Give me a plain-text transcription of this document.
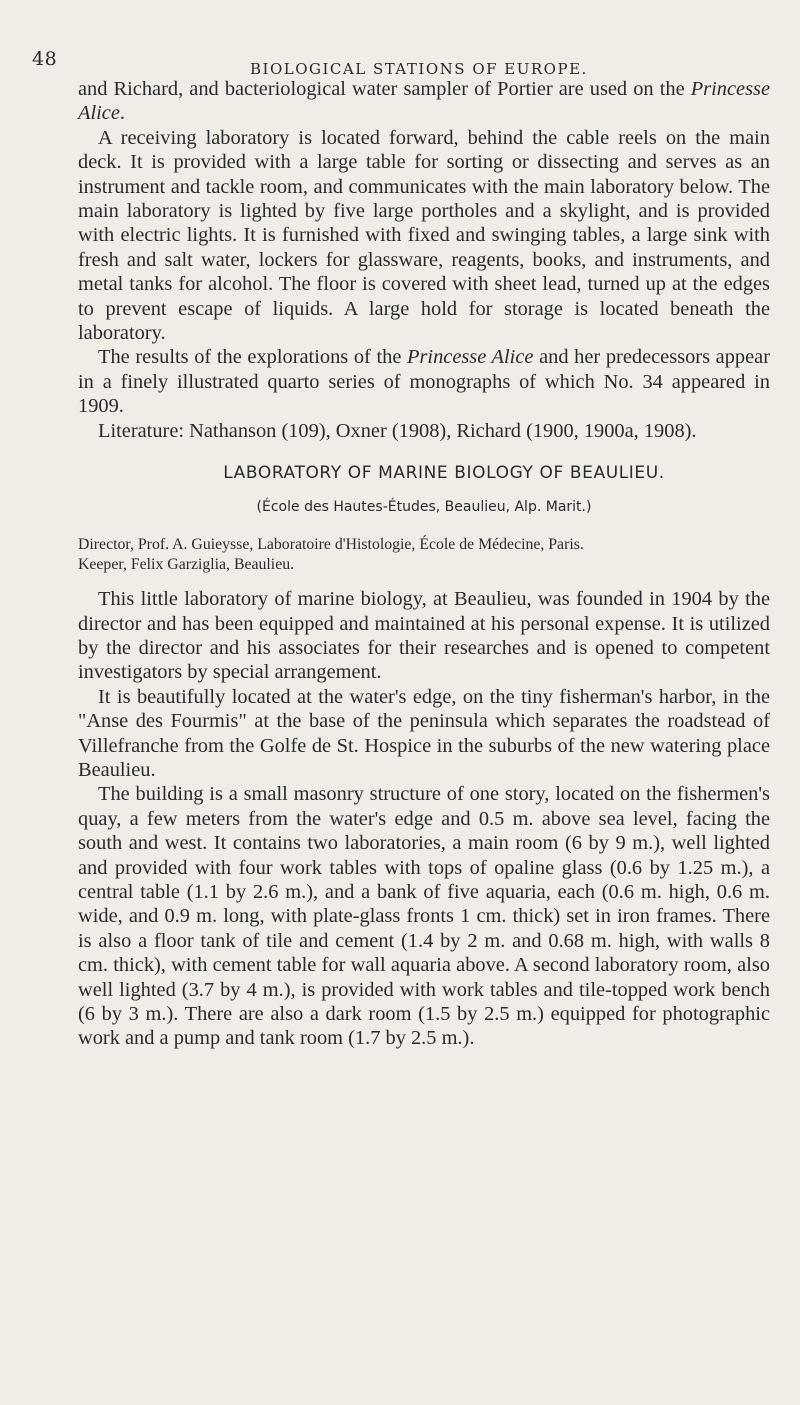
48	BIOLOGICAL STATIONS OF EUROPE.

and Richard, and bacteriological water sampler of Portier are used on the Princesse Alice.

A receiving laboratory is located forward, behind the cable reels on the main deck. It is provided with a large table for sorting or dissecting and serves as an instrument and tackle room, and communicates with the main laboratory below. The main laboratory is lighted by five large portholes and a skylight, and is provided with electric lights. It is furnished with fixed and swinging tables, a large sink with fresh and salt water, lockers for glassware, reagents, books, and instruments, and metal tanks for alcohol. The floor is covered with sheet lead, turned up at the edges to prevent escape of liquids. A large hold for storage is located beneath the laboratory.

The results of the explorations of the Princesse Alice and her predecessors appear in a finely illustrated quarto series of monographs of which No. 34 appeared in 1909.

Literature: Nathanson (109), Oxner (1908), Richard (1900, 1900a, 1908).

LABORATORY OF MARINE BIOLOGY OF BEAULIEU.
(École des Hautes-Études, Beaulieu, Alp. Marit.)
Director, Prof. A. Guieysse, Laboratoire d'Histologie, École de Médecine, Paris.
Keeper, Felix Garziglia, Beaulieu.

This little laboratory of marine biology, at Beaulieu, was founded in 1904 by the director and has been equipped and maintained at his personal expense. It is utilized by the director and his associates for their researches and is opened to competent investigators by special arrangement.

It is beautifully located at the water's edge, on the tiny fisherman's harbor, in the "Anse des Fourmis" at the base of the peninsula which separates the roadstead of Villefranche from the Golfe de St. Hospice in the suburbs of the new watering place Beaulieu.

The building is a small masonry structure of one story, located on the fishermen's quay, a few meters from the water's edge and 0.5 m. above sea level, facing the south and west. It contains two laboratories, a main room (6 by 9 m.), well lighted and provided with four work tables with tops of opaline glass (0.6 by 1.25 m.), a central table (1.1 by 2.6 m.), and a bank of five aquaria, each (0.6 m. high, 0.6 m. wide, and 0.9 m. long, with plate-glass fronts 1 cm. thick) set in iron frames. There is also a floor tank of tile and cement (1.4 by 2 m. and 0.68 m. high, with walls 8 cm. thick), with cement table for wall aquaria above. A second laboratory room, also well lighted (3.7 by 4 m.), is provided with work tables and tile-topped work bench (6 by 3 m.). There are also a dark room (1.5 by 2.5 m.) equipped for photographic work and a pump and tank room (1.7 by 2.5 m.).
